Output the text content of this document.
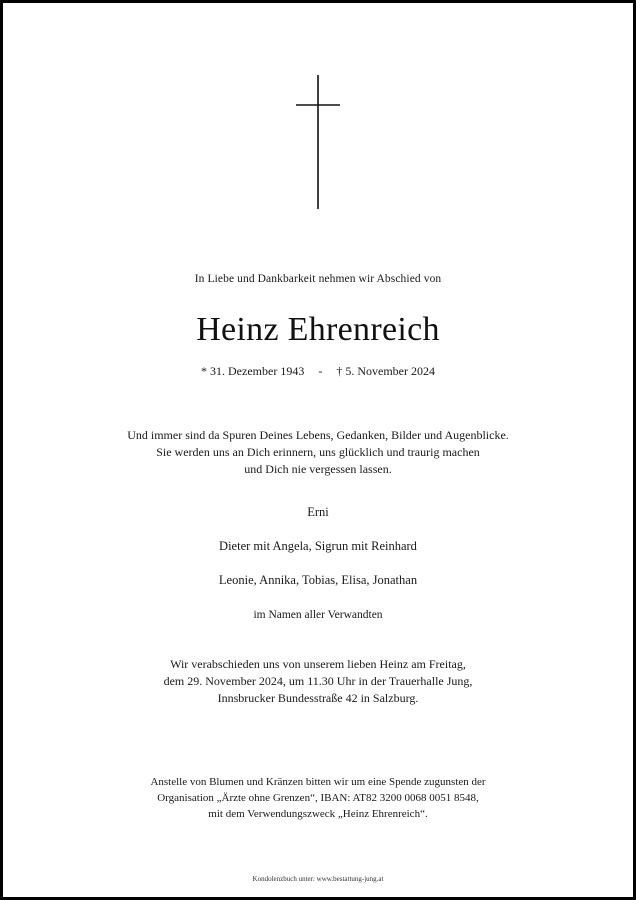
In Liebe und Dankbarkeit nehmen wir Abschied von
Heinz Ehrenreich
* 31. Dezember 1943 - † 5. November 2024
Und immer sind da Spuren Deines Lebens, Gedanken, Bilder und Augenblicke.
Sie werden uns an Dich erinnern, uns glücklich und traurig machen
und Dich nie vergessen lassen.
Erni
Dieter mit Angela, Sigrun mit Reinhard
Leonie, Annika, Tobias, Elisa, Jonathan
im Namen aller Verwandten
Wir verabschieden uns von unserem lieben Heinz am Freitag,
dem 29. November 2024, um 11.30 Uhr in der Trauerhalle Jung,
Innsbrucker Bundesstraße 42 in Salzburg.
Anstelle von Blumen und Kränzen bitten wir um eine Spende zugunsten der
Organisation „Ärzte ohne Grenzen“, IBAN: AT82 3200 0068 0051 8548,
mit dem Verwendungszweck „Heinz Ehrenreich“.
Kondolenzbuch unter: www.bestattung-jung.at
